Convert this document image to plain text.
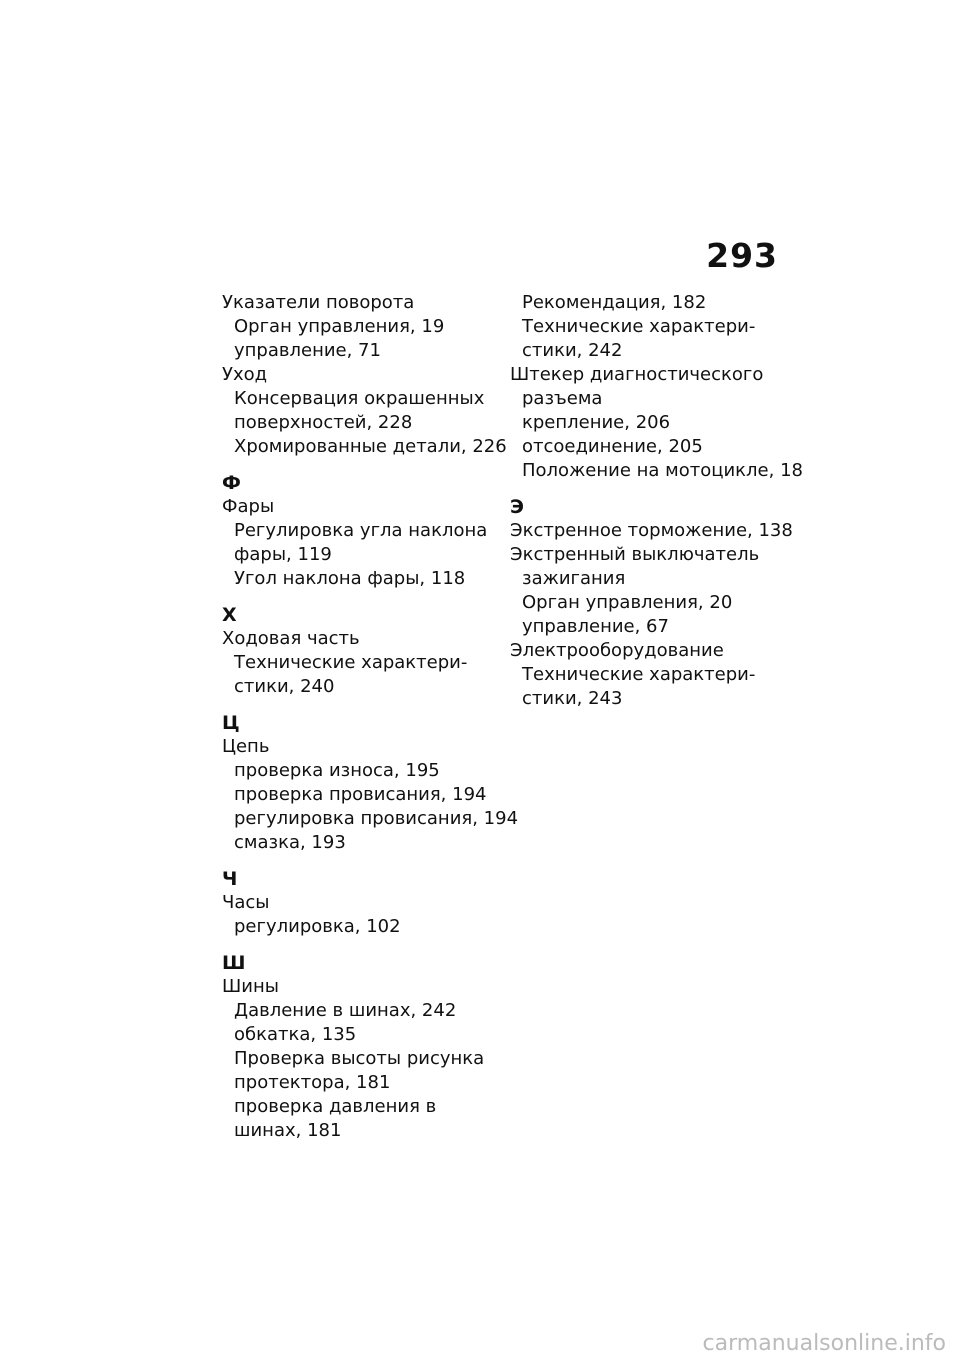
293
Указатели поворота
Орган управления, 19
управление, 71
Уход
Консервация окрашенных
поверхностей, 228
Хромированные детали, 226
Ф
Фары
Регулировка угла наклона
фары, 119
Угол наклона фары, 118
Х
Ходовая часть
Технические характери-
стики, 240
Ц
Цепь
проверка износа, 195
проверка провисания, 194
регулировка провисания, 194
смазка, 193
Ч
Часы
регулировка, 102
Ш
Шины
Давление в шинах, 242
обкатка, 135
Проверка высоты рисунка
протектора, 181
проверка давления в
шинах, 181
Рекомендация, 182
Технические характери-
стики, 242
Штекер диагностического
разъема
крепление, 206
отсоединение, 205
Положение на мотоцикле, 18
Э
Экстренное торможение, 138
Экстренный выключатель
зажигания
Орган управления, 20
управление, 67
Электрооборудование
Технические характери-
стики, 243
carmanualsonline.info
